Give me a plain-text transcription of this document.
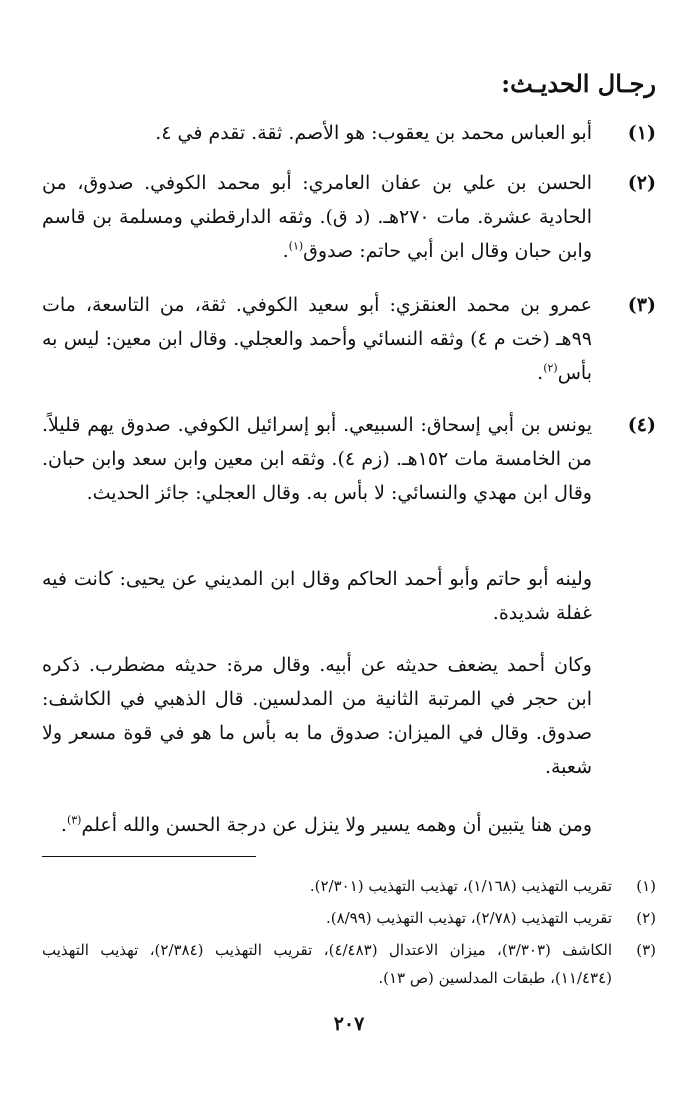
رجـال الحديـث:
(١)

أبو العباس محمد بن يعقوب: هو الأصم. ثقة. تقدم في ٤.

(٢)

الحسن بن علي بن عفان العامري: أبو محمد الكوفي. صدوق، من الحادية عشرة. مات ٢٧٠هـ. (د ق). وثقه الدارقطني ومسلمة بن قاسم وابن حبان وقال ابن أبي حاتم: صدوق$^{(١)}$.

(٣)

عمرو بن محمد العنقزي: أبو سعيد الكوفي. ثقة، من التاسعة، مات ٩٩هـ (خت م ٤) وثقه النسائي وأحمد والعجلي. وقال ابن معين: ليس به بأس$^{(٢)}$.

(٤)

يونس بن أبي إسحاق: السبيعي. أبو إسرائيل الكوفي. صدوق يهم قليلاً. من الخامسة مات ١٥٢هـ. (زم ٤). وثقه ابن معين وابن سعد وابن حبان. وقال ابن مهدي والنسائي: لا بأس به. وقال العجلي: جائز الحديث.

ولينه أبو حاتم وأبو أحمد الحاكم وقال ابن المديني عن يحيى: كانت فيه غفلة شديدة.

وكان أحمد يضعف حديثه عن أبيه. وقال مرة: حديثه مضطرب. ذكره ابن حجر في المرتبة الثانية من المدلسين. قال الذهبي في الكاشف: صدوق. وقال في الميزان: صدوق ما به بأس ما هو في قوة مسعر ولا شعبة.

ومن هنا يتبين أن وهمه يسير ولا ينزل عن درجة الحسن والله أعلم$^{(٣)}$.

(١)
تقريب التهذيب (١/١٦٨)، تهذيب التهذيب (٢/٣٠١).
(٢)
تقريب التهذيب (٢/٧٨)، تهذيب التهذيب (٨/٩٩).
(٣)
الكاشف (٣/٣٠٣)، ميزان الاعتدال (٤/٤٨٣)، تقريب التهذيب (٢/٣٨٤)، تهذيب التهذيب (١١/٤٣٤)، طبقات المدلسين (ص ١٣).
٢٠٧
